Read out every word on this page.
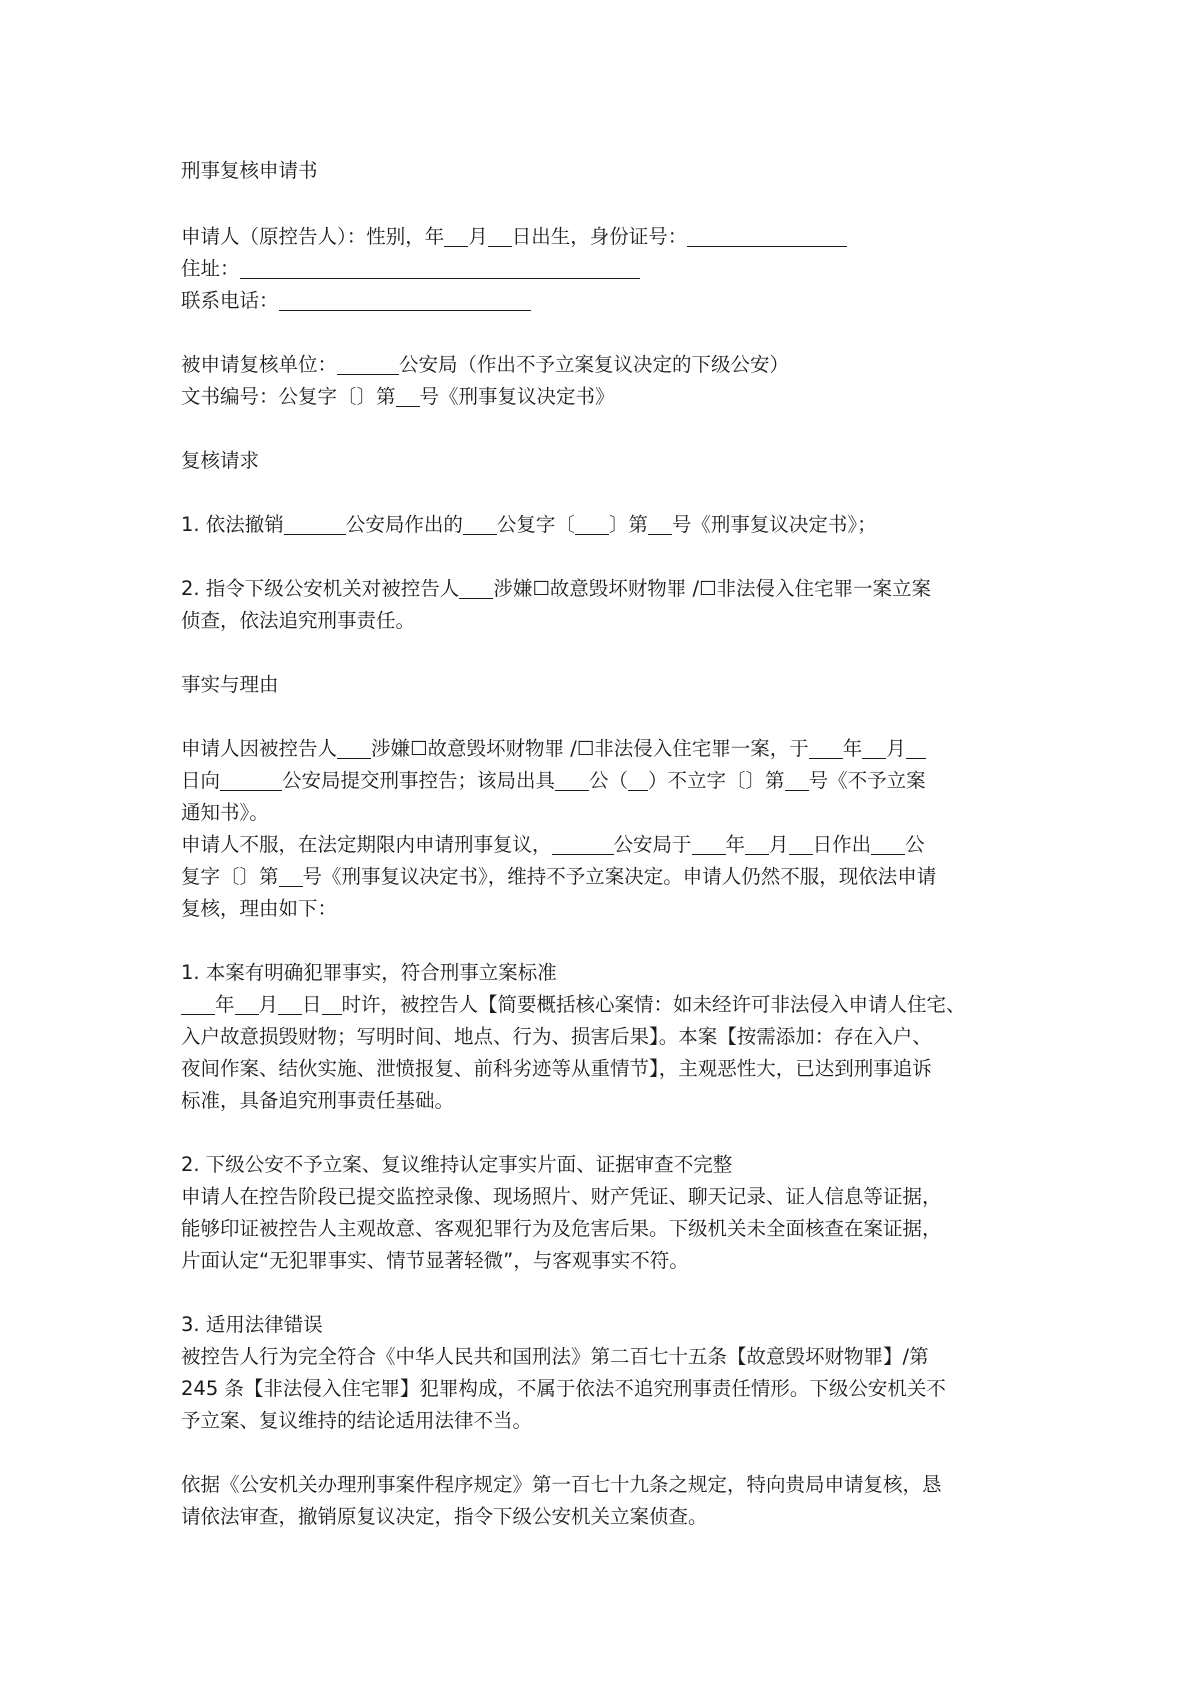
刑事复核申请书
申请人（原控告人）：性别，年 月 日出生，身份证号：
住址：
联系电话：
被申请复核单位：	公安局（作出不予立案复议决定的下级公安）
文书编号：公复字〔〕第 号《刑事复议决定书》
复核请求
1. 依法撤销	公安局作出的 公复字〔 〕第 号《刑事复议决定书》；
2. 指令下级公安机关对被控告人 涉嫌☐故意毁坏财物罪 /☐非法侵入住宅罪一案立案
侦查，依法追究刑事责任。
事实与理由
申请人因被控告人 涉嫌☐故意毁坏财物罪 /☐非法侵入住宅罪一案，于 年 月
日向	公安局提交刑事控告；该局出具 公（ ）不立字〔〕第 号《不予立案
通知书》。
申请人不服，在法定期限内申请刑事复议，	公安局于 年 月 日作出 公
复字〔〕第 号《刑事复议决定书》，维持不予立案决定。申请人仍然不服，现依法申请
复核，理由如下：
1. 本案有明确犯罪事实，符合刑事立案标准
年 月 日 时许，被控告人【简要概括核心案情：如未经许可非法侵入申请人住宅、
入户故意损毁财物；写明时间、地点、行为、损害后果】。本案【按需添加：存在入户、
夜间作案、结伙实施、泄愤报复、前科劣迹等从重情节】，主观恶性大，已达到刑事追诉
标准，具备追究刑事责任基础。
2. 下级公安不予立案、复议维持认定事实片面、证据审查不完整
申请人在控告阶段已提交监控录像、现场照片、财产凭证、聊天记录、证人信息等证据，
能够印证被控告人主观故意、客观犯罪行为及危害后果。下级机关未全面核查在案证据，
片面认定“无犯罪事实、情节显著轻微”，与客观事实不符。
3. 适用法律错误
被控告人行为完全符合《中华人民共和国刑法》第二百七十五条【故意毁坏财物罪】/第
245 条【非法侵入住宅罪】犯罪构成，不属于依法不追究刑事责任情形。下级公安机关不
予立案、复议维持的结论适用法律不当。
依据《公安机关办理刑事案件程序规定》第一百七十九条之规定，特向贵局申请复核，恳
请依法审查，撤销原复议决定，指令下级公安机关立案侦查。
